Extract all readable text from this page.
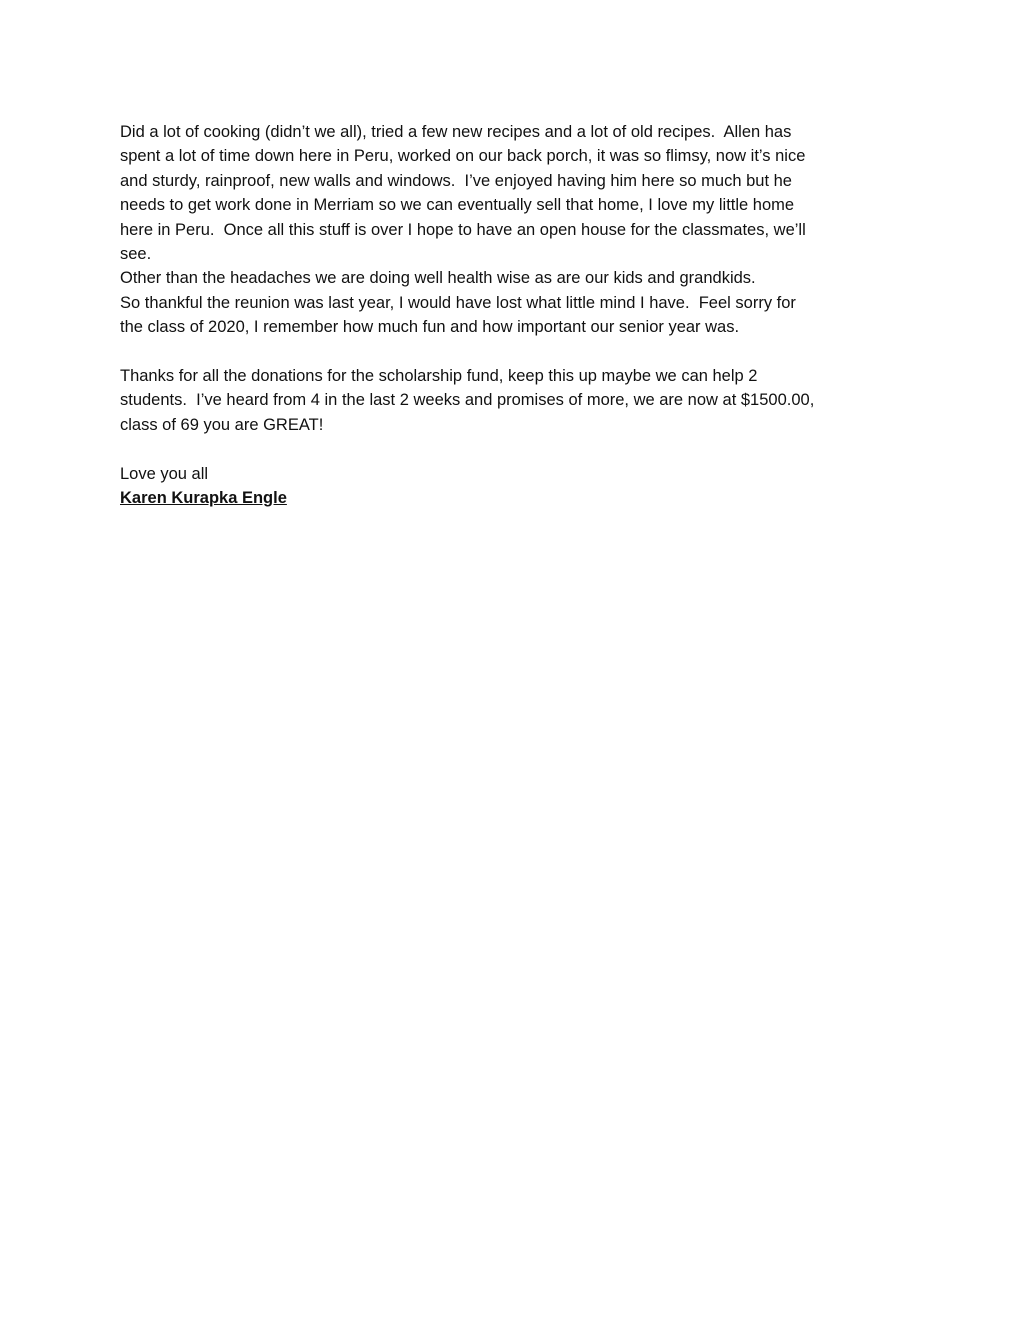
Did a lot of cooking (didn’t we all), tried a few new recipes and a lot of old recipes.  Allen has
spent a lot of time down here in Peru, worked on our back porch, it was so flimsy, now it’s nice
and sturdy, rainproof, new walls and windows.  I’ve enjoyed having him here so much but he
needs to get work done in Merriam so we can eventually sell that home, I love my little home
here in Peru.  Once all this stuff is over I hope to have an open house for the classmates, we’ll
see.
Other than the headaches we are doing well health wise as are our kids and grandkids.
So thankful the reunion was last year, I would have lost what little mind I have.  Feel sorry for
the class of 2020, I remember how much fun and how important our senior year was.
Thanks for all the donations for the scholarship fund, keep this up maybe we can help 2
students.  I’ve heard from 4 in the last 2 weeks and promises of more, we are now at $1500.00,
class of 69 you are GREAT!
Love you all
Karen Kurapka Engle
